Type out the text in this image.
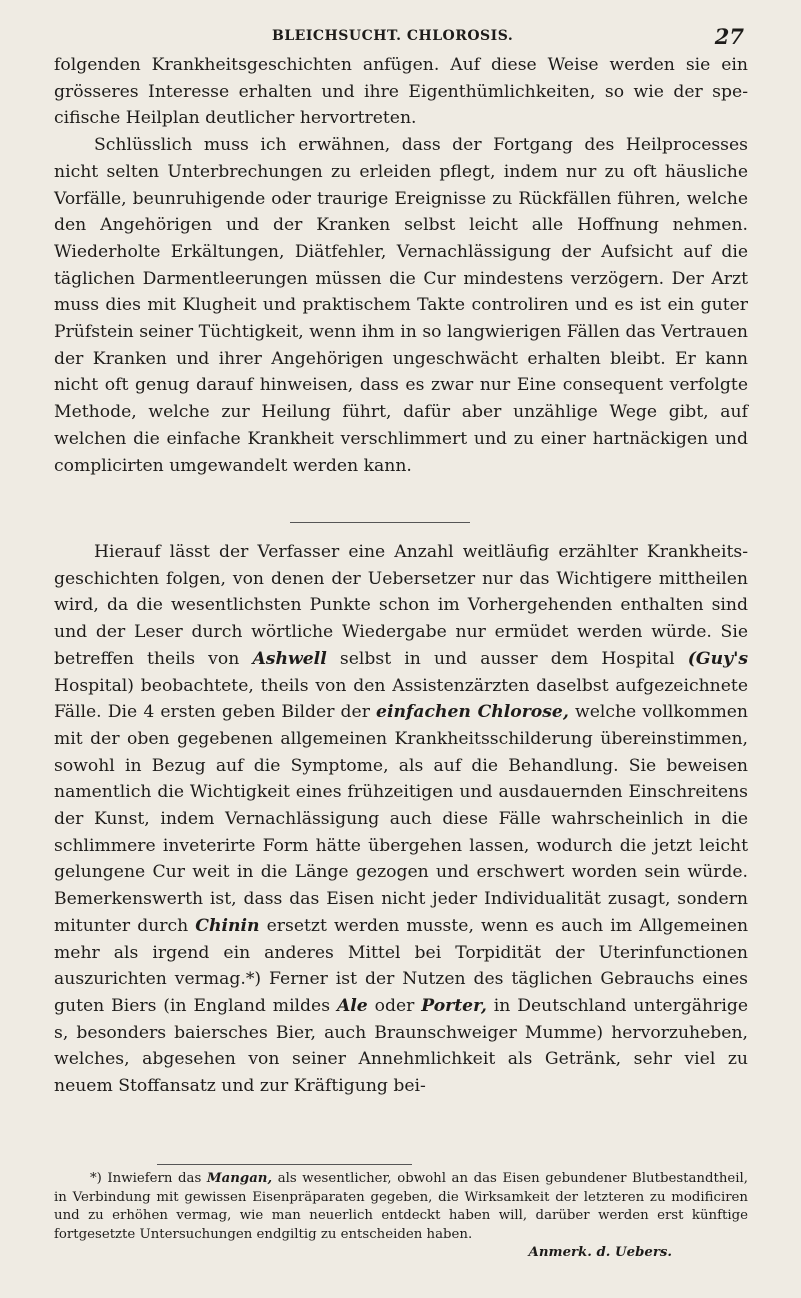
BLEICHSUCHT. CHLOROSIS.	27

folgenden Krankheitsgeschichten anfügen. Auf diese Weise werden sie ein grösseres Interesse erhalten und ihre Eigenthümlichkeiten, so wie der specifische Heilplan deutlicher hervortreten.

Schlüsslich muss ich erwähnen, dass der Fortgang des Heilprocesses nicht selten Unterbrechungen zu erleiden pflegt, indem nur zu oft häusliche Vorfälle, beunruhigende oder traurige Ereignisse zu Rückfällen führen, welche den Angehörigen und der Kranken selbst leicht alle Hoffnung nehmen. Wiederholte Erkältungen, Diätfehler, Vernachlässigung der Aufsicht auf die täglichen Darmentleerungen müssen die Cur mindestens verzögern. Der Arzt muss dies mit Klugheit und praktischem Takte controliren und es ist ein guter Prüfstein seiner Tüchtigkeit, wenn ihm in so langwierigen Fällen das Vertrauen der Kranken und ihrer Angehörigen ungeschwächt erhalten bleibt. Er kann nicht oft genug darauf hinweisen, dass es zwar nur Eine consequent verfolgte Methode, welche zur Heilung führt, dafür aber unzählige Wege gibt, auf welchen die einfache Krankheit verschlimmert und zu einer hartnäckigen und complicirten umgewandelt werden kann.

Hierauf lässt der Verfasser eine Anzahl weitläufig erzählter Krankheitsgeschichten folgen, von denen der Uebersetzer nur das Wichtigere mittheilen wird, da die wesentlichsten Punkte schon im Vorhergehenden enthalten sind und der Leser durch wörtliche Wiedergabe nur ermüdet werden würde. Sie betreffen theils von Ashwell selbst in und ausser dem Hospital (Guy's Hospital) beobachtete, theils von den Assistenzärzten daselbst aufgezeichnete Fälle. Die 4 ersten geben Bilder der einfachen Chlorose, welche vollkommen mit der oben gegebenen allgemeinen Krankheitsschilderung übereinstimmen, sowohl in Bezug auf die Symptome, als auf die Behandlung. Sie beweisen namentlich die Wichtigkeit eines frühzeitigen und ausdauernden Einschreitens der Kunst, indem Vernachlässigung auch diese Fälle wahrscheinlich in die schlimmere inveterirte Form hätte übergehen lassen, wodurch die jetzt leicht gelungene Cur weit in die Länge gezogen und erschwert worden sein würde. Bemerkenswerth ist, dass das Eisen nicht jeder Individualität zusagt, sondern mitunter durch Chinin ersetzt werden musste, wenn es auch im Allgemeinen mehr als irgend ein anderes Mittel bei Torpidität der Uterinfunctionen auszurichten vermag.*) Ferner ist der Nutzen des täglichen Gebrauchs eines guten Biers (in England mildes Ale oder Porter, in Deutschland untergährige s, besonders baiersches Bier, auch Braunschweiger Mumme) hervorzuheben, welches, abgesehen von seiner Annehmlichkeit als Getränk, sehr viel zu neuem Stoffansatz und zur Kräftigung bei-

*) Inwiefern das Mangan, als wesentlicher, obwohl an das Eisen gebundener Blutbestandtheil, in Verbindung mit gewissen Eisenpräparaten gegeben, die Wirksamkeit der letzteren zu modificiren und zu erhöhen vermag, wie man neuerlich entdeckt haben will, darüber werden erst künftige fortgesetzte Untersuchungen endgiltig zu entscheiden haben.

Anmerk. d. Uebers.
